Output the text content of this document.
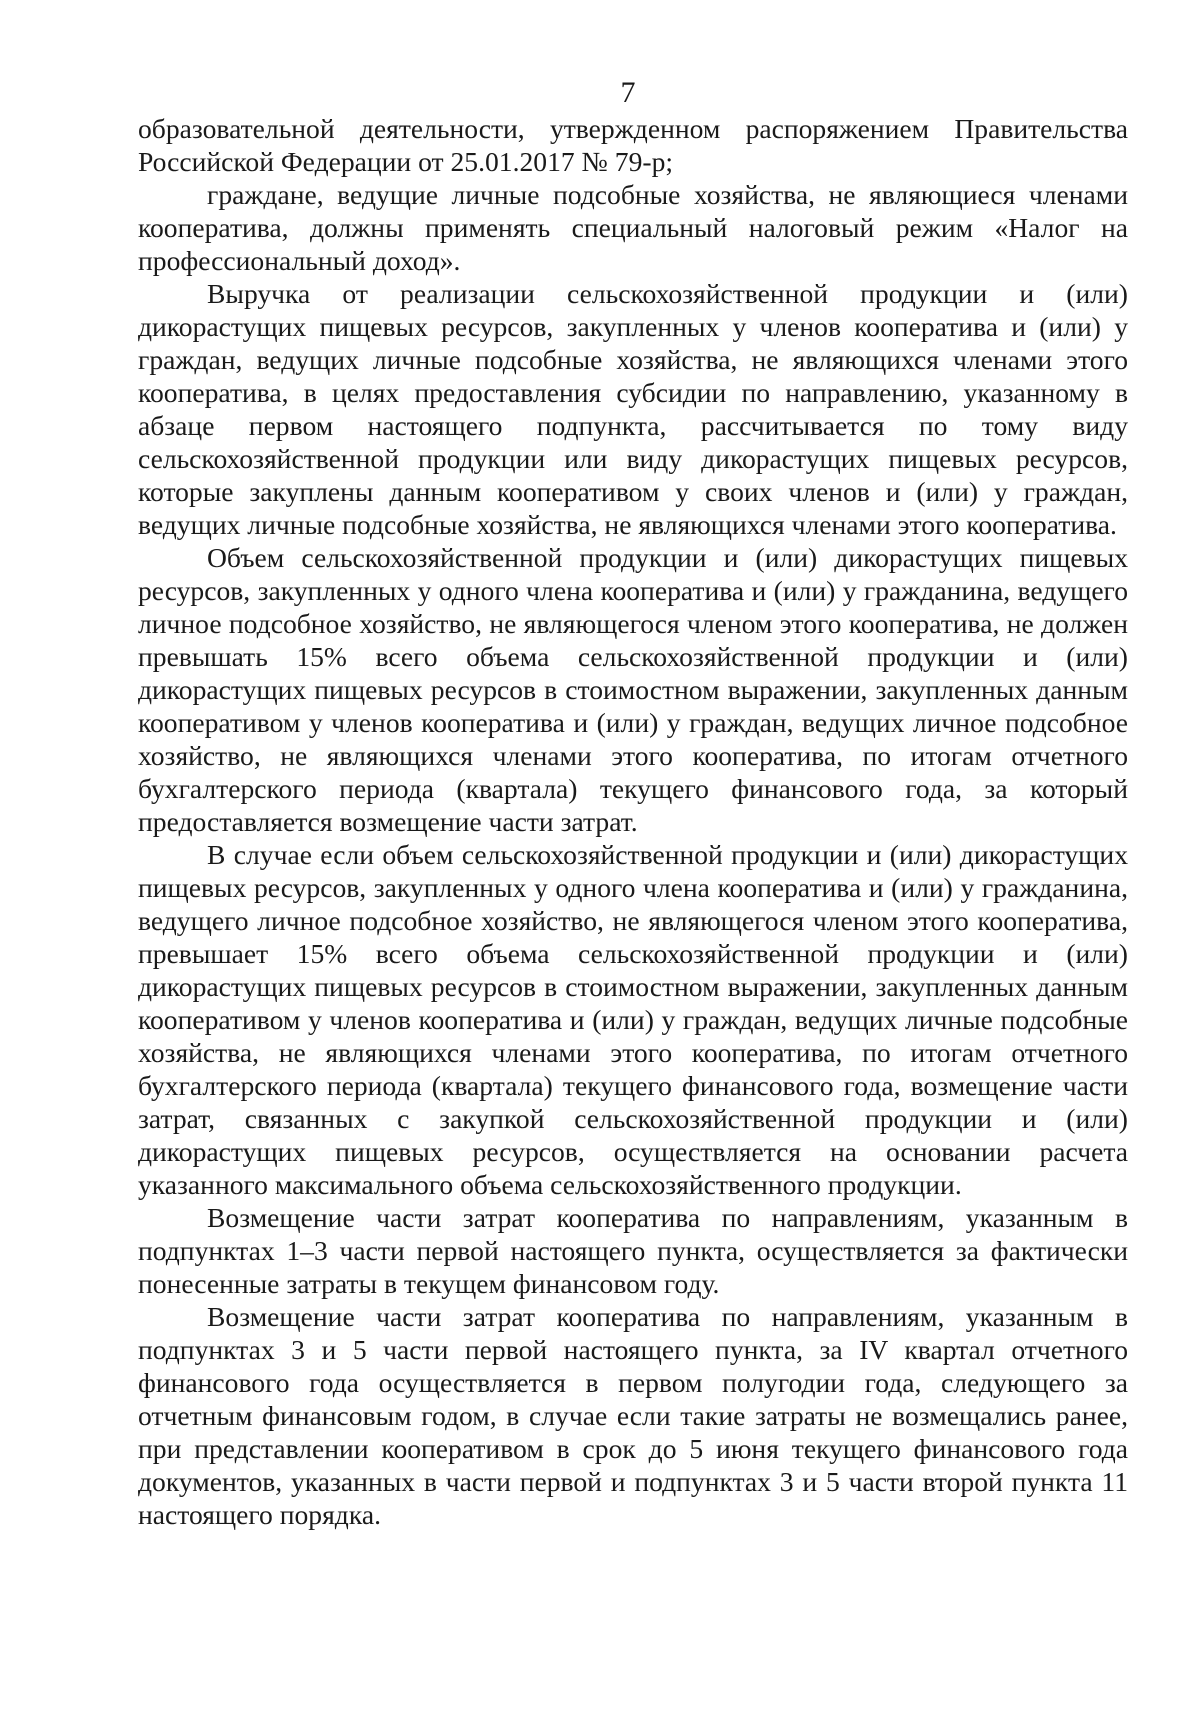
7

образовательной деятельности, утвержденном распоряжением Правительства Российской Федерации от 25.01.2017 № 79-р;

граждане, ведущие личные подсобные хозяйства, не являющиеся членами кооператива, должны применять специальный налоговый режим «Налог на профессиональный доход».

Выручка от реализации сельскохозяйственной продукции и (или) дикорастущих пищевых ресурсов, закупленных у членов кооператива и (или) у граждан, ведущих личные подсобные хозяйства, не являющихся членами этого кооператива, в целях предоставления субсидии по направлению, указанному в абзаце первом настоящего подпункта, рассчитывается по тому виду сельскохозяйственной продукции или виду дикорастущих пищевых ресурсов, которые закуплены данным кооперативом у своих членов и (или) у граждан, ведущих личные подсобные хозяйства, не являющихся членами этого кооператива.

Объем сельскохозяйственной продукции и (или) дикорастущих пищевых ресурсов, закупленных у одного члена кооператива и (или) у гражданина, ведущего личное подсобное хозяйство, не являющегося членом этого кооператива, не должен превышать 15% всего объема сельскохозяйственной продукции и (или) дикорастущих пищевых ресурсов в стоимостном выражении, закупленных данным кооперативом у членов кооператива и (или) у граждан, ведущих личное подсобное хозяйство, не являющихся членами этого кооператива, по итогам отчетного бухгалтерского периода (квартала) текущего финансового года, за который предоставляется возмещение части затрат.

В случае если объем сельскохозяйственной продукции и (или) дикорастущих пищевых ресурсов, закупленных у одного члена кооператива и (или) у гражданина, ведущего личное подсобное хозяйство, не являющегося членом этого кооператива, превышает 15% всего объема сельскохозяйственной продукции и (или) дикорастущих пищевых ресурсов в стоимостном выражении, закупленных данным кооперативом у членов кооператива и (или) у граждан, ведущих личные подсобные хозяйства, не являющихся членами этого кооператива, по итогам отчетного бухгалтерского периода (квартала) текущего финансового года, возмещение части затрат, связанных с закупкой сельскохозяйственной продукции и (или) дикорастущих пищевых ресурсов, осуществляется на основании расчета указанного максимального объема сельскохозяйственного продукции.

Возмещение части затрат кооператива по направлениям, указанным в подпунктах 1–3 части первой настоящего пункта, осуществляется за фактически понесенные затраты в текущем финансовом году.

Возмещение части затрат кооператива по направлениям, указанным в подпунктах 3 и 5 части первой настоящего пункта, за IV квартал отчетного финансового года осуществляется в первом полугодии года, следующего за отчетным финансовым годом, в случае если такие затраты не возмещались ранее, при представлении кооперативом в срок до 5 июня текущего финансового года документов, указанных в части первой и подпунктах 3 и 5 части второй пункта 11 настоящего порядка.
